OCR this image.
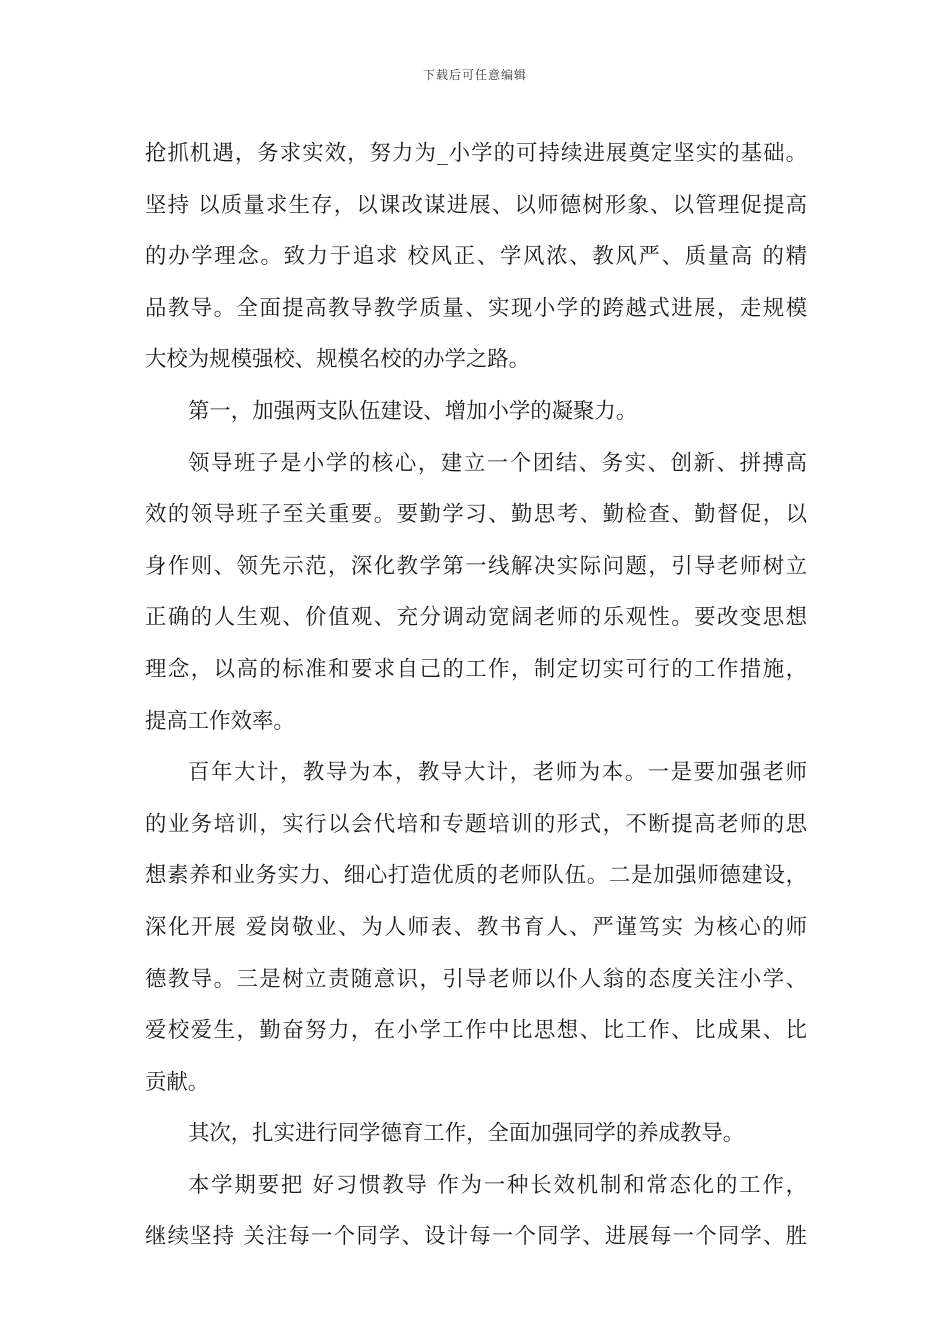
下载后可任意编辑
抢抓机遇，务求实效，努力为_小学的可持续进展奠定坚实的基础。
坚持 以质量求生存，以课改谋进展、以师德树形象、以管理促提高
的办学理念。致力于追求 校风正、学风浓、教风严、质量高 的精
品教导。全面提高教导教学质量、实现小学的跨越式进展，走规模
大校为规模强校、规模名校的办学之路。
第一，加强两支队伍建设、增加小学的凝聚力。
领导班子是小学的核心，建立一个团结、务实、创新、拼搏高
效的领导班子至关重要。要勤学习、勤思考、勤检查、勤督促，以
身作则、领先示范，深化教学第一线解决实际问题，引导老师树立
正确的人生观、价值观、充分调动宽阔老师的乐观性。要改变思想
理念，以高的标准和要求自己的工作，制定切实可行的工作措施，
提高工作效率。
百年大计，教导为本，教导大计，老师为本。一是要加强老师
的业务培训，实行以会代培和专题培训的形式，不断提高老师的思
想素养和业务实力、细心打造优质的老师队伍。二是加强师德建设，
深化开展 爱岗敬业、为人师表、教书育人、严谨笃实 为核心的师
德教导。三是树立责随意识，引导老师以仆人翁的态度关注小学、
爱校爱生，勤奋努力，在小学工作中比思想、比工作、比成果、比
贡献。
其次，扎实进行同学德育工作，全面加强同学的养成教导。
本学期要把 好习惯教导 作为一种长效机制和常态化的工作，
继续坚持 关注每一个同学、设计每一个同学、进展每一个同学、胜
